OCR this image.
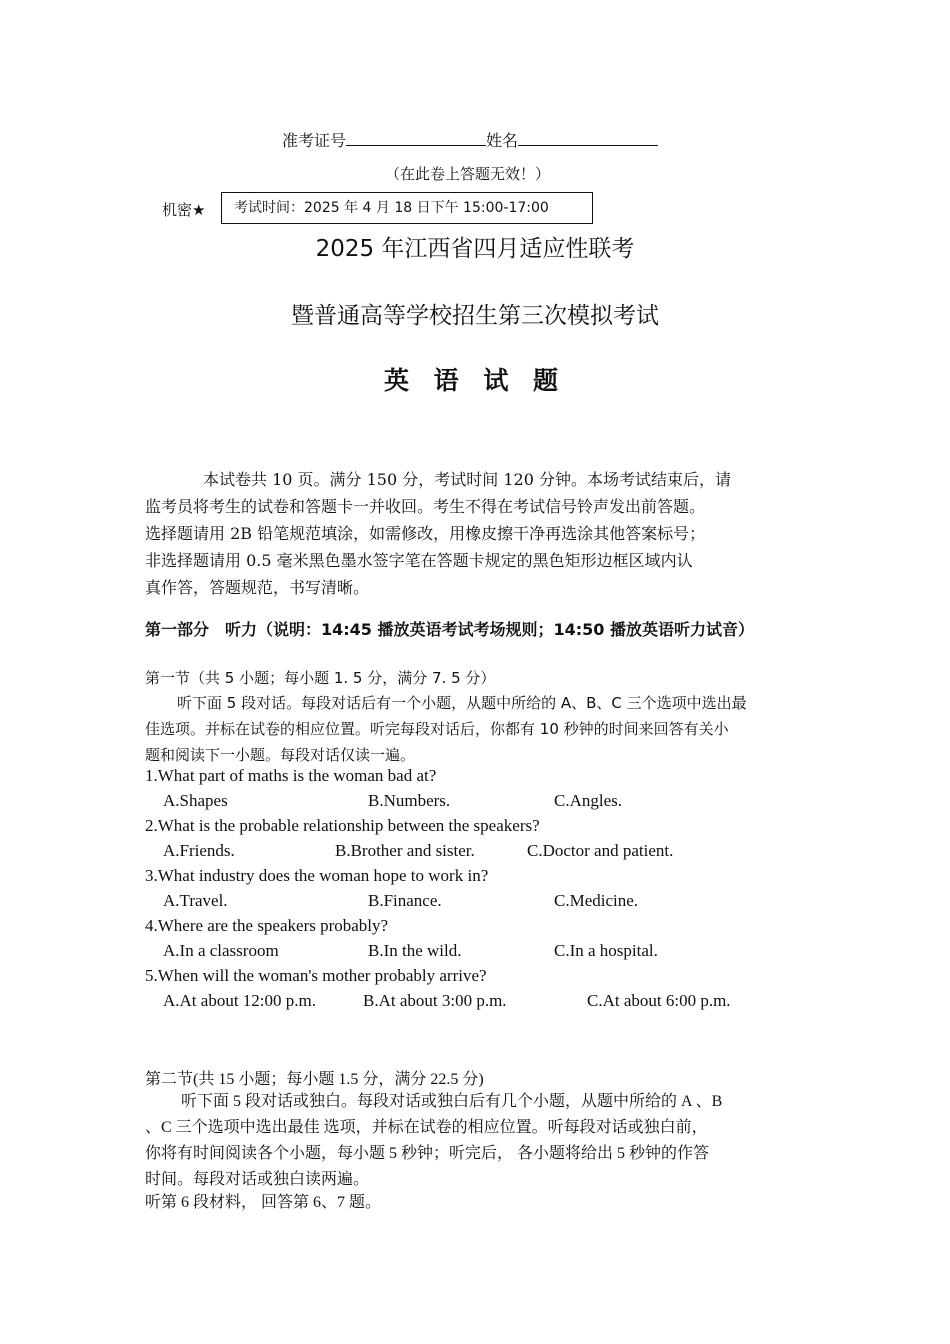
准考证号	姓名
（在此卷上答题无效！）
机密★	考试时间：2025 年 4 月 18 日下午 15:00-17:00
2025 年江西省四月适应性联考
暨普通高等学校招生第三次模拟考试
英 语 试 题
本试卷共 10 页。满分 150 分，考试时间 120 分钟。本场考试结束后，请
监考员将考生的试卷和答题卡一并收回。考生不得在考试信号铃声发出前答题。
选择题请用 2B 铅笔规范填涂，如需修改，用橡皮擦干净再选涂其他答案标号；
非选择题请用 0.5 毫米黑色墨水签字笔在答题卡规定的黑色矩形边框区域内认
真作答，答题规范，书写清晰。
第一部分　听力（说明：14:45 播放英语考试考场规则；14:50 播放英语听力试音）
第一节（共 5 小题；每小题 1. 5 分，满分 7. 5 分）
听下面 5 段对话。每段对话后有一个小题，从题中所给的 A、B、C 三个选项中选出最
佳选项。并标在试卷的相应位置。听完每段对话后，你都有 10 秒钟的时间来回答有关小
题和阅读下一小题。每段对话仅读一遍。
1.What part of maths is the woman bad at?
A.Shapes	B.Numbers.	C.Angles.
2.What is the probable relationship between the speakers?
A.Friends.	B.Brother and sister.	C.Doctor and patient.
3.What industry does the woman hope to work in?
A.Travel.	B.Finance.	C.Medicine.
4.Where are the speakers probably?
A.In a classroom	B.In the wild.	C.In a hospital.
5.When will the woman's mother probably arrive?
A.At about 12:00 p.m.	B.At about 3:00 p.m.	C.At about 6:00 p.m.
第二节(共 15 小题；每小题 1.5 分，满分 22.5 分)
听下面 5 段对话或独白。每段对话或独白后有几个小题，从题中所给的 A 、B
、C 三个选项中选出最佳 选项，并标在试卷的相应位置。听每段对话或独白前，
你将有时间阅读各个小题，每小题 5 秒钟；听完后， 各小题将给出 5 秒钟的作答
时间。每段对话或独白读两遍。
听第 6 段材料， 回答第 6、7 题。
